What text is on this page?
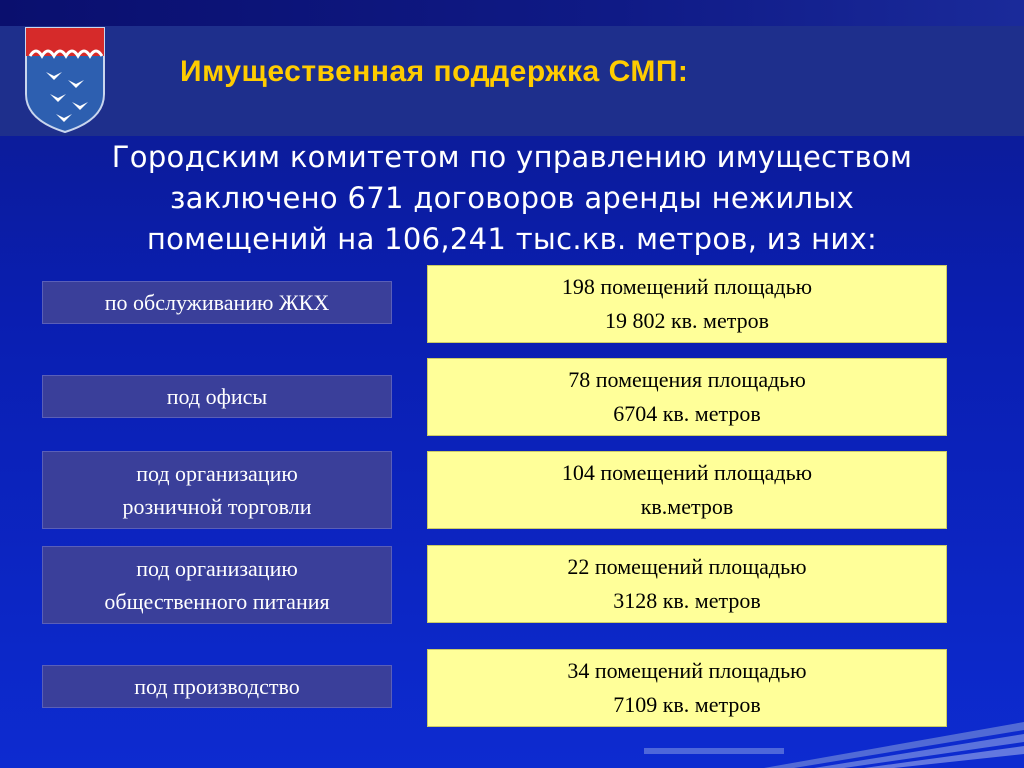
Имущественная поддержка СМП:
Городским комитетом по управлению имуществом
заключено 671 договоров аренды нежилых
помещений на 106,241 тыс.кв. метров, из них:
по обслуживанию ЖКХ
198 помещений площадью
19 802 кв. метров
под офисы
78 помещения площадью
6704 кв. метров
под организацию
розничной торговли
104 помещений площадью
кв.метров
под организацию
общественного питания
22 помещений площадью
3128 кв. метров
под производство
34 помещений площадью
7109 кв. метров
